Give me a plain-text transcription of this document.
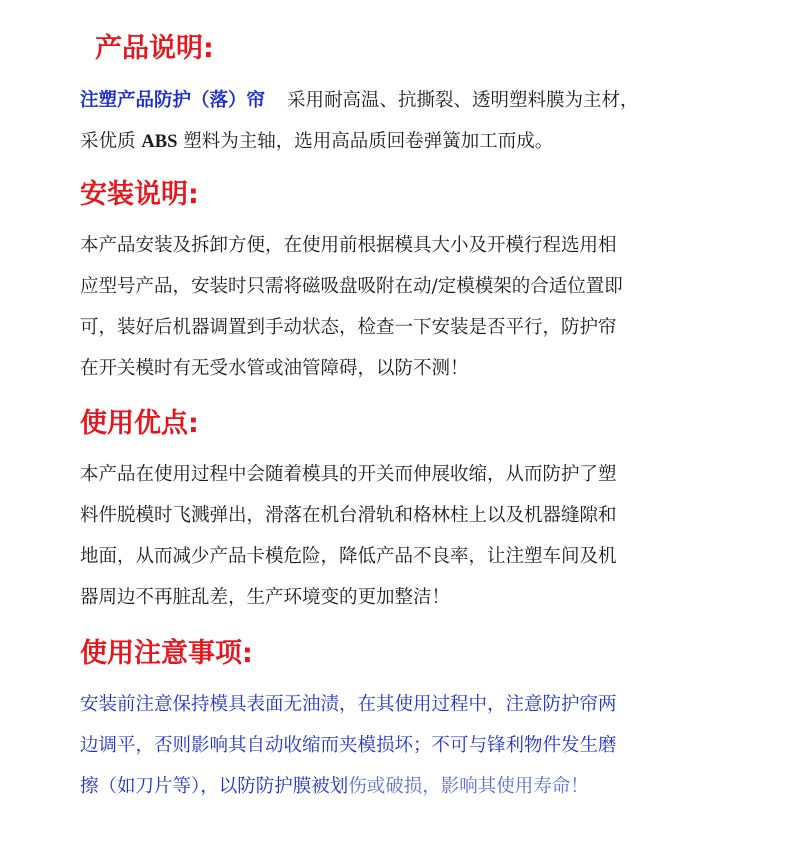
产品说明:
注塑产品防护（落）帘 采用耐高温、抗撕裂、透明塑料膜为主材，
采优质 ABS 塑料为主轴，选用高品质回卷弹簧加工而成。
安装说明:
本产品安装及拆卸方便，在使用前根据模具大小及开模行程选用相
应型号产品，安装时只需将磁吸盘吸附在动/定模模架的合适位置即
可，装好后机器调置到手动状态，检查一下安装是否平行，防护帘
在开关模时有无受水管或油管障碍，以防不测！
使用优点:
本产品在使用过程中会随着模具的开关而伸展收缩，从而防护了塑
料件脱模时飞溅弹出，滑落在机台滑轨和格林柱上以及机器缝隙和
地面，从而减少产品卡模危险，降低产品不良率，让注塑车间及机
器周边不再脏乱差，生产环境变的更加整洁！
使用注意事项:
安装前注意保持模具表面无油渍，在其使用过程中，注意防护帘两
边调平，否则影响其自动收缩而夹模损坏；不可与锋利物件发生磨
擦（如刀片等），以防防护膜被划伤或破损，影响其使用寿命！
